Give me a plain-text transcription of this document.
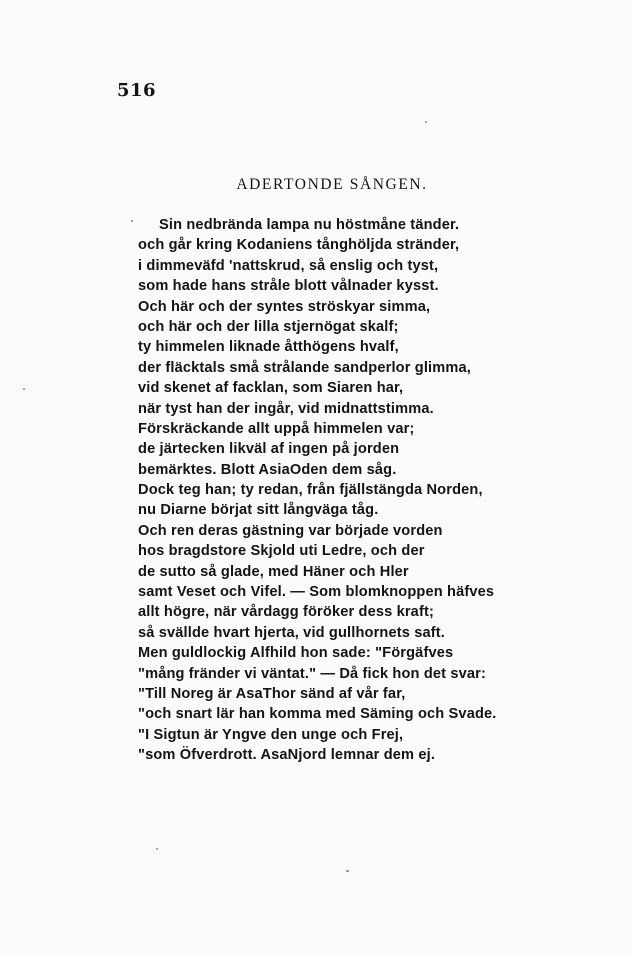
516
ADERTONDE SÅNGEN.
Sin nedbrända lampa nu höstmåne tänder.
och går kring Kodaniens tånghöljda stränder,
i dimmeväfd 'nattskrud, så enslig och tyst,
som hade hans stråle blott vålnader kysst.
Och här och der syntes ströskyar simma,
och här och der lilla stjernögat skalf;
ty himmelen liknade åtthögens hvalf,
der fläcktals små strålande sandperlor glimma,
vid skenet af facklan, som Siaren har,
när tyst han der ingår, vid midnattstimma.
Förskräckande allt uppå himmelen var;
de järtecken likväl af ingen på jorden
bemärktes. Blott AsiaOden dem såg.
Dock teg han; ty redan, från fjällstängda Norden,
nu Diarne börjat sitt långväga tåg.
Och ren deras gästning var började vorden
hos bragdstore Skjold uti Ledre, och der
de sutto så glade, med Häner och Hler
samt Veset och Vifel. — Som blomknoppen häfves
allt högre, när vårdagg föröker dess kraft;
så svällde hvart hjerta, vid gullhornets saft.
Men guldlockig Alfhild hon sade: "Förgäfves
"mång fränder vi väntat." — Då fick hon det svar:
"Till Noreg är AsaThor sänd af vår far,
"och snart lär han komma med Säming och Svade.
"I Sigtun är Yngve den unge och Frej,
"som Öfverdrott. AsaNjord lemnar dem ej.
